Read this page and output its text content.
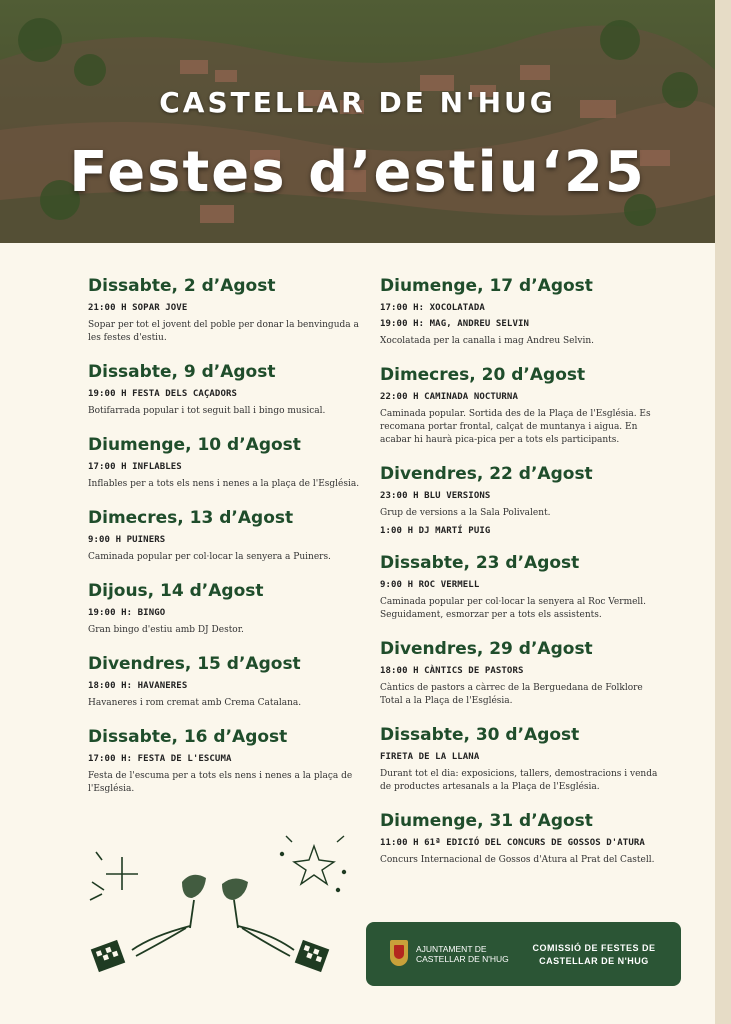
CASTELLAR DE N'HUG
Festes d’estiu‘25
Dissabte, 2 d’Agost
21:00 H SOPAR JOVE
Sopar per tot el jovent del poble per donar la benvinguda a les festes d'estiu.
Dissabte, 9 d’Agost
19:00 H FESTA DELS CAÇADORS
Botifarrada popular i tot seguit ball i bingo musical.
Diumenge, 10 d’Agost
17:00 H INFLABLES
Inflables per a tots els nens i nenes a la plaça de l'Església.
Dimecres, 13 d’Agost
9:00 H PUINERS
Caminada popular per col·locar la senyera a Puiners.
Dijous, 14 d’Agost
19:00 H: BINGO
Gran bingo d'estiu amb DJ Destor.
Divendres, 15 d’Agost
18:00 H: HAVANERES
Havaneres i rom cremat amb Crema Catalana.
Dissabte, 16 d’Agost
17:00 H: FESTA DE L'ESCUMA
Festa de l'escuma per a tots els nens i nenes a la plaça de l'Església.
Diumenge, 17 d’Agost
17:00 H: XOCOLATADA
19:00 H: MAG, ANDREU SELVIN
Xocolatada per la canalla i mag Andreu Selvin.
Dimecres, 20 d’Agost
22:00 H CAMINADA NOCTURNA
Caminada popular. Sortida des de la Plaça de l'Església. Es recomana portar frontal, calçat de muntanya i aigua. En acabar hi haurà pica-pica per a tots els participants.
Divendres, 22 d’Agost
23:00 H BLU VERSIONS
Grup de versions a la Sala Polivalent.
1:00 H DJ MARTÍ PUIG
Dissabte, 23 d’Agost
9:00 H ROC VERMELL
Caminada popular per col·locar la senyera al Roc Vermell. Seguidament, esmorzar per a tots els assistents.
Divendres, 29 d’Agost
18:00 H CÀNTICS DE PASTORS
Càntics de pastors a càrrec de la Berguedana de Folklore Total a la Plaça de l'Església.
Dissabte, 30 d’Agost
FIRETA DE LA LLANA
Durant tot el dia: exposicions, tallers, demostracions i venda de productes artesanals a la Plaça de l'Església.
Diumenge, 31 d’Agost
11:00 H 61ª EDICIÓ DEL CONCURS DE GOSSOS D'ATURA
Concurs Internacional de Gossos d'Atura al Prat del Castell.
AJUNTAMENT DE
CASTELLAR DE N'HUG
COMISSIÓ DE FESTES DE
CASTELLAR DE N'HUG
